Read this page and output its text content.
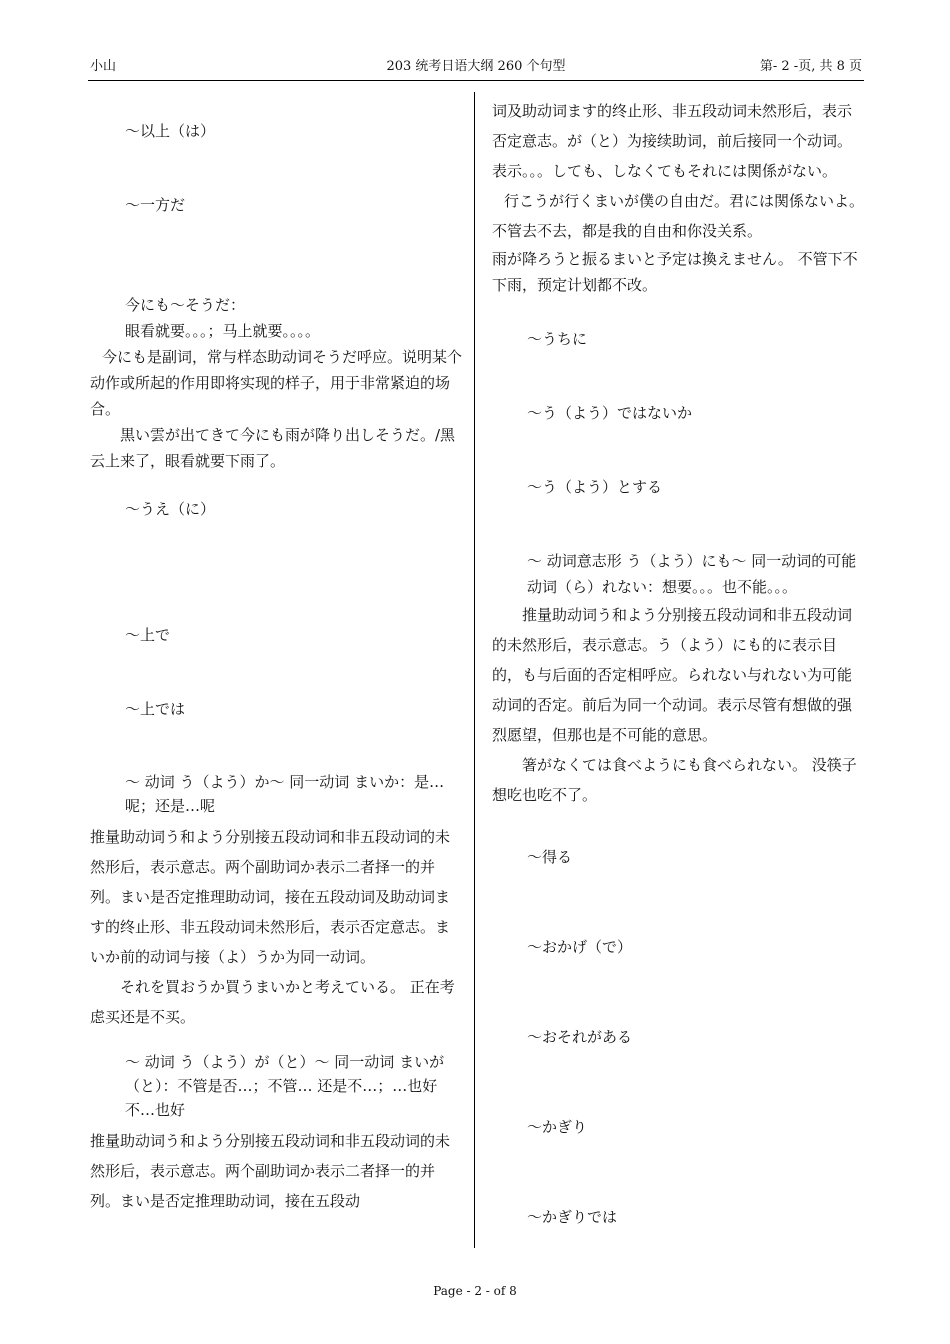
小山	203 统考日语大纲 260 个句型	第- 2 -页, 共 8 页

～以上（は）

～一方だ

今にも～そうだ：

眼看就要。。。；马上就要。。。。

今にも是副词，常与样态助动词そうだ呼应。说明某个动作或所起的作用即将实现的样子，用于非常紧迫的场合。

黒い雲が出てきて今にも雨が降り出しそうだ。/黑云上来了，眼看就要下雨了。

～うえ（に）

～上で

～上では

～ 动词 う（よう）か～ 同一动词 まいか：是…呢；还是…呢

推量助动词う和よう分别接五段动词和非五段动词的未然形后，表示意志。两个副助词か表示二者择一的并列。まい是否定推理助动词，接在五段动词及助动词ます的终止形、非五段动词未然形后，表示否定意志。まいか前的动词与接（よ）うか为同一动词。

それを買おうか買うまいかと考えている。 正在考虑买还是不买。

～ 动词 う（よう）が（と）～ 同一动词 まいが（と）：不管是否…；不管… 还是不…；…也好不…也好

推量助动词う和よう分别接五段动词和非五段动词的未然形后，表示意志。两个副助词か表示二者择一的并列。まい是否定推理助动词，接在五段动

词及助动词ます的终止形、非五段动词未然形后，表示否定意志。が（と）为接续助词，前后接同一个动词。表示。。。しても、しなくてもそれには関係がない。

行こうが行くまいが僕の自由だ。君には関係ないよ。 不管去不去，都是我的自由和你没关系。

雨が降ろうと振るまいと予定は換えません。 不管下不下雨，预定计划都不改。

～うちに

～う（よう）ではないか

～う（よう）とする

～ 动词意志形 う（よう）にも～ 同一动词的可能动词（ら）れない：想要。。。也不能。。。

推量助动词う和よう分别接五段动词和非五段动词的未然形后，表示意志。う（よう）にも的に表示目的，も与后面的否定相呼应。られない与れない为可能动词的否定。前后为同一个动词。表示尽管有想做的强烈愿望，但那也是不可能的意思。

箸がなくては食べようにも食べられない。 没筷子想吃也吃不了。

～得る

～おかげ（で）

～おそれがある

～かぎり

～かぎりでは

Page - 2 - of 8
